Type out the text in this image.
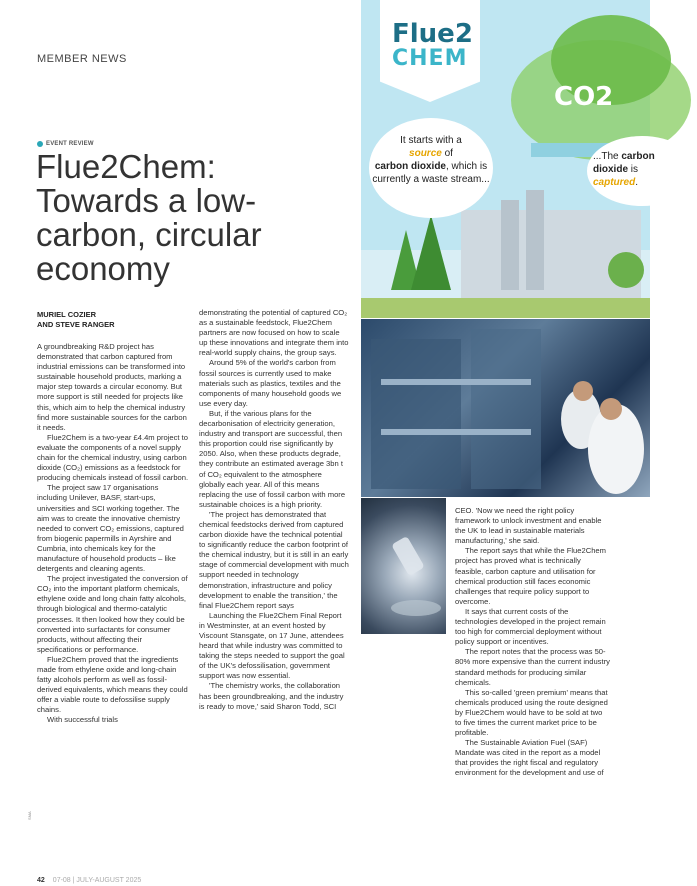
MEMBER NEWS
EVENT REVIEW
Flue2Chem: Towards a low-carbon, circular economy
MURIEL COZIER
AND STEVE RANGER

A groundbreaking R&D project has demonstrated that carbon captured from industrial emissions can be transformed into sustainable household products, marking a major step towards a circular economy. But more support is still needed for projects like this, which aim to help the chemical industry find more sustainable sources for the carbon it needs.

Flue2Chem is a two-year £4.4m project to evaluate the components of a novel supply chain for the chemical industry, using carbon dioxide (CO₂) emissions as a feedstock for producing chemicals instead of fossil carbon.

The project saw 17 organisations including Unilever, BASF, start-ups, universities and SCI working together. The aim was to create the innovative chemistry needed to convert CO₂ emissions, captured from biogenic papermills in Ayrshire and Cumbria, into chemicals key for the manufacture of household products – like detergents and cleaning agents.

The project investigated the conversion of CO₂ into the important platform chemicals, ethylene oxide and long chain fatty alcohols, through biological and thermo-catalytic processes. It then looked how they could be converted into surfactants for consumer products, without affecting their specifications or performance.

Flue2Chem proved that the ingredients made from ethylene oxide and long-chain fatty alcohols perform as well as fossil-derived equivalents, which means they could offer a viable route to defossilise supply chains.

With successful trials

demonstrating the potential of captured CO₂ as a sustainable feedstock, Flue2Chem partners are now focused on how to scale up these innovations and integrate them into real-world supply chains, the group says.

Around 5% of the world's carbon from fossil sources is currently used to make materials such as plastics, textiles and the components of many household goods we use every day.

But, if the various plans for the decarbonisation of electricity generation, industry and transport are successful, then this proportion could rise significantly by 2050. Also, when these products degrade, they contribute an estimated average 3bn t of CO₂ equivalent to the atmosphere globally each year. All of this means replacing the use of fossil carbon with more sustainable choices is a high priority.

'The project has demonstrated that chemical feedstocks derived from captured carbon dioxide have the technical potential to significantly reduce the carbon footprint of the chemical industry, but it is still in an early stage of commercial development with much support needed in technology demonstration, infrastructure and policy development to enable the transition,' the final Flue2Chem report says

Launching the Flue2Chem Final Report in Westminster, at an event hosted by Viscount Stansgate, on 17 June, attendees heard that while industry was committed to taking the steps needed to support the goal of the UK's defossilisation, government support was now essential.

'The chemistry works, the collaboration has been groundbreaking, and the industry is ready to move,' said Sharon Todd, SCI

CEO. 'Now we need the right policy framework to unlock investment and enable the UK to lead in sustainable materials manufacturing,' she said.

The report says that while the Flue2Chem project has proved what is technically feasible, carbon capture and utilisation for chemical production still faces economic challenges that require policy support to overcome.

It says that current costs of the technologies developed in the project remain too high for commercial deployment without policy support or incentives.

The report notes that the process was 50-80% more expensive than the current industry standard methods for producing similar chemicals.

This so-called 'green premium' means that chemicals produced using the route designed by Flue2Chem would have to be sold at two to five times the current market price to be profitable.

The Sustainable Aviation Fuel (SAF) Mandate was cited in the report as a model that provides the right fiscal and regulatory environment for the development and use of

Flue2
CHEM
CO2
It starts with a
source of
carbon dioxide, which is currently a waste stream...
...The carbon
dioxide is
captured.
SMA
42 07-08 | JULY-AUGUST 2025
